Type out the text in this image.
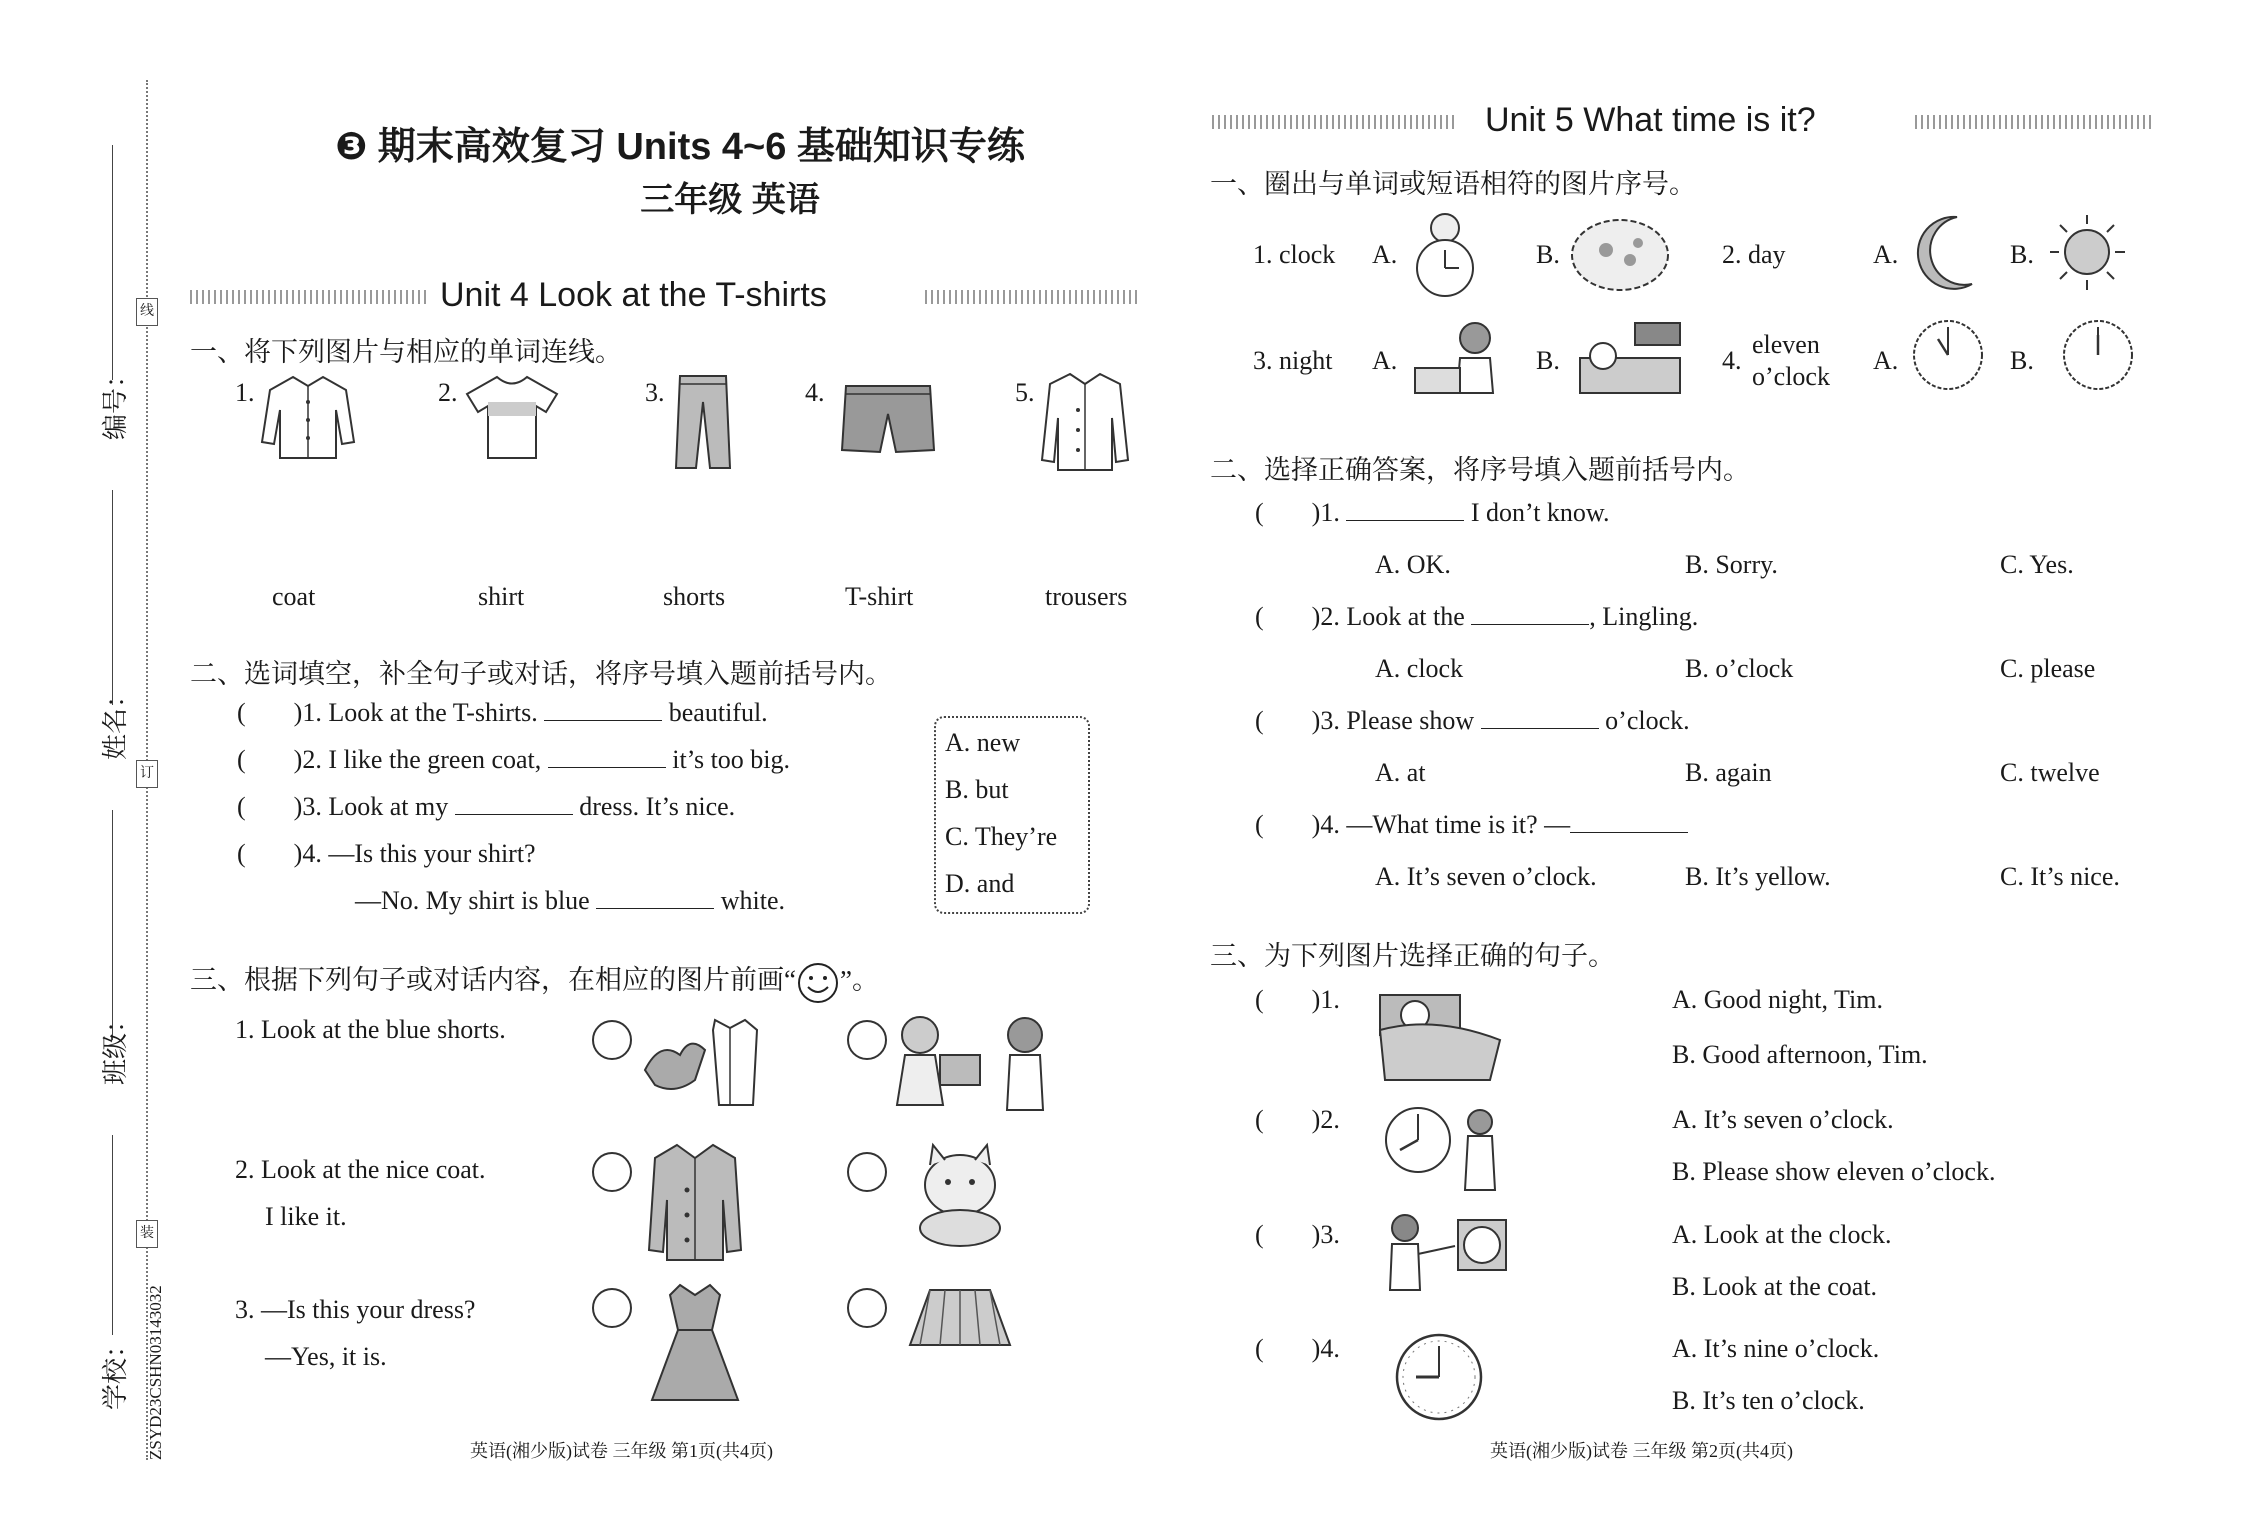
编号：
姓名：
班级：
学校： ZSYD23CSHN03143032
线
订
装
❸ 期末高效复习 Units 4~6 基础知识专练
三年级 英语
Unit 4 Look at the T-shirts
一、将下列图片与相应的单词连线。
1.	2.	3.	4.	5.
coat	shirt	shorts	T-shirt	trousers
二、选词填空，补全句子或对话，将序号填入题前括号内。
( )1. Look at the T-shirts.	beautiful.
( )2. I like the green coat,	it’s too big.
( )3. Look at my	dress. It’s nice.
( )4. —Is this your shirt?
—No. My shirt is blue	white.
A. new
B. but
C. They’re
D. and
三、根据下列句子或对话内容，在相应的图片前画“ ”。
1. Look at the blue shorts.
2. Look at the nice coat.
I like it.
3. —Is this your dress?
—Yes, it is.
英语(湘少版)试卷 三年级 第1页(共4页)
Unit 5 What time is it?
一、圈出与单词或短语相符的图片序号。
1. clock A.	B.	2. day	A.	B.
3. night A.	B.	4.
eleven
o’clock
A.	B.
二、选择正确答案，将序号填入题前括号内。
( )1.	I don’t know.
A. OK.	B. Sorry.	C. Yes.
( )2. Look at the	, Lingling.
A. clock	B. o’clock	C. please
( )3. Please show	o’clock.
A. at	B. again	C. twelve
( )4. —What time is it? —
A. It’s seven o’clock.	B. It’s yellow.	C. It’s nice.
三、为下列图片选择正确的句子。
( )1.	A. Good night, Tim.
B. Good afternoon, Tim.
( )2.	A. It’s seven o’clock.
B. Please show eleven o’clock.
( )3.	A. Look at the clock.
B. Look at the coat.
( )4.	A. It’s nine o’clock.
B. It’s ten o’clock.
英语(湘少版)试卷 三年级 第2页(共4页)
